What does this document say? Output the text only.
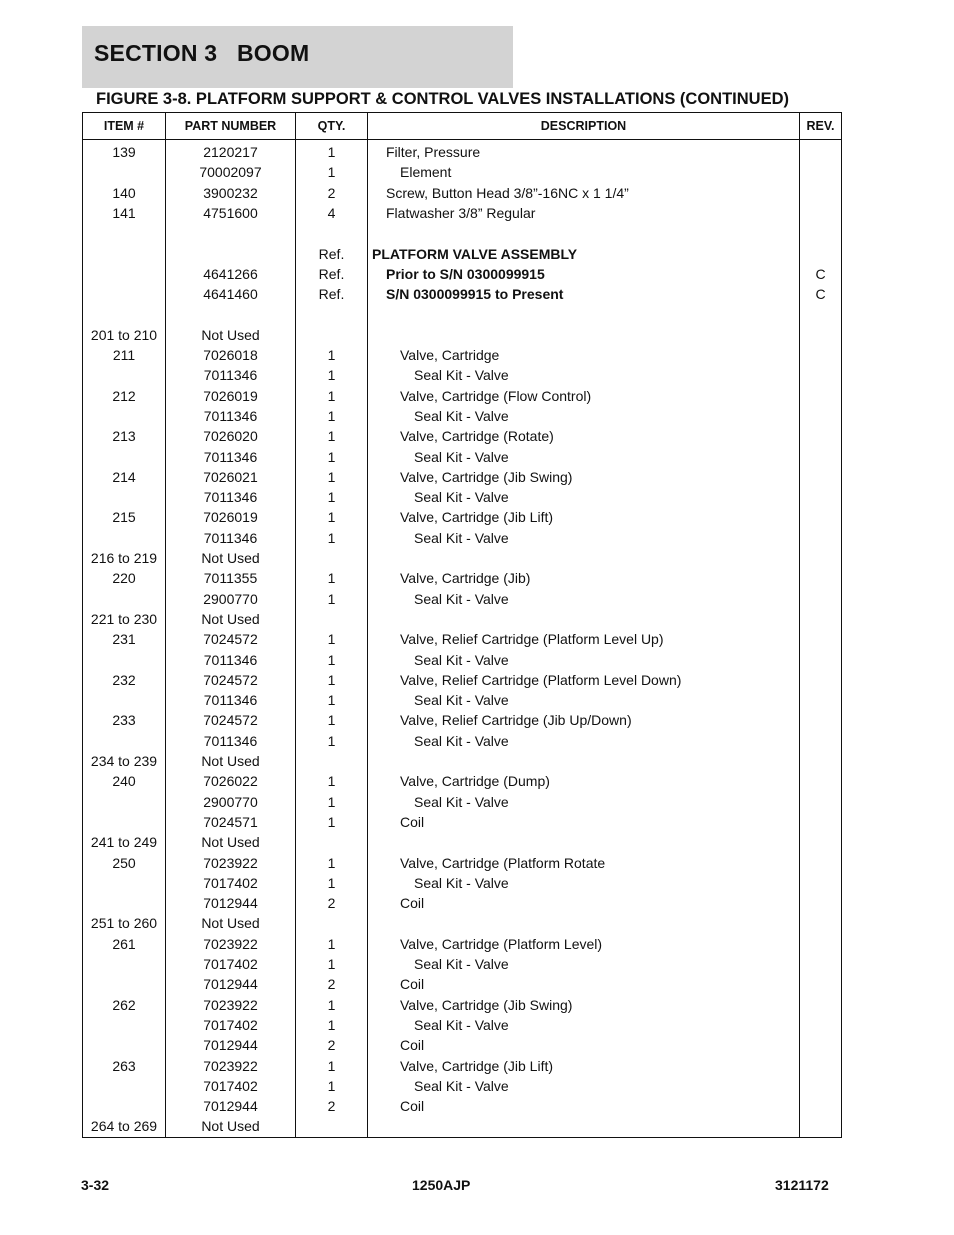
SECTION 3   BOOM
FIGURE 3-8. PLATFORM SUPPORT & CONTROL VALVES INSTALLATIONS (CONTINUED)
ITEM #	PART NUMBER	QTY.	DESCRIPTION	REV.
139	2120217	1	Filter, Pressure	
	70002097	1	Element	
140	3900232	2	Screw, Button Head 3/8”-16NC x 1 1/4”	
141	4751600	4	Flatwasher 3/8” Regular	

		Ref.	PLATFORM VALVE ASSEMBLY	
	4641266	Ref.	Prior to S/N 0300099915	C
	4641460	Ref.	S/N 0300099915 to Present	C

201 to 210	Not Used			
211	7026018	1	Valve, Cartridge	
	7011346	1	Seal Kit - Valve	
212	7026019	1	Valve, Cartridge (Flow Control)	
	7011346	1	Seal Kit - Valve	
213	7026020	1	Valve, Cartridge (Rotate)	
	7011346	1	Seal Kit - Valve	
214	7026021	1	Valve, Cartridge (Jib Swing)	
	7011346	1	Seal Kit - Valve	
215	7026019	1	Valve, Cartridge (Jib Lift)	
	7011346	1	Seal Kit - Valve	
216 to 219	Not Used			
220	7011355	1	Valve, Cartridge (Jib)	
	2900770	1	Seal Kit - Valve	
221 to 230	Not Used			
231	7024572	1	Valve, Relief Cartridge (Platform Level Up)	
	7011346	1	Seal Kit - Valve	
232	7024572	1	Valve, Relief Cartridge (Platform Level Down)	
	7011346	1	Seal Kit - Valve	
233	7024572	1	Valve, Relief Cartridge (Jib Up/Down)	
	7011346	1	Seal Kit - Valve	
234 to 239	Not Used			
240	7026022	1	Valve, Cartridge (Dump)	
	2900770	1	Seal Kit - Valve	
	7024571	1	Coil	
241 to 249	Not Used			
250	7023922	1	Valve, Cartridge (Platform Rotate	
	7017402	1	Seal Kit - Valve	
	7012944	2	Coil	
251 to 260	Not Used			
261	7023922	1	Valve, Cartridge (Platform Level)	
	7017402	1	Seal Kit - Valve	
	7012944	2	Coil	
262	7023922	1	Valve, Cartridge (Jib Swing)	
	7017402	1	Seal Kit - Valve	
	7012944	2	Coil	
263	7023922	1	Valve, Cartridge (Jib Lift)	
	7017402	1	Seal Kit - Valve	
	7012944	2	Coil	
264 to 269	Not Used			
3-32	1250AJP	3121172
